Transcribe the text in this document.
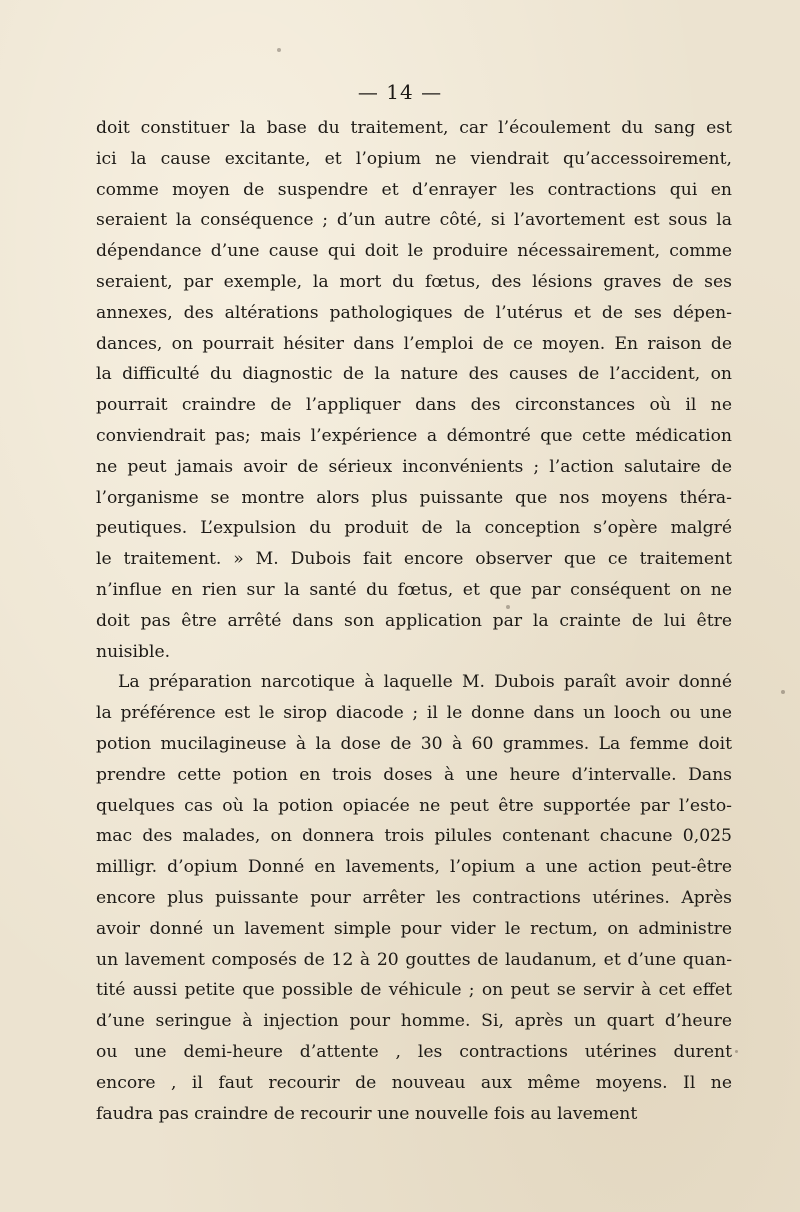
— 14 —

doit constituer la base du traitement, car l’écoulement du sang est
ici la cause excitante, et l’opium ne viendrait qu’accessoirement,
comme moyen de suspendre et d’enrayer les contractions qui en
seraient la conséquence ; d’un autre côté, si l’avortement est sous la
dépendance d’une cause qui doit le produire nécessairement, comme
seraient, par exemple, la mort du fœtus, des lésions graves de ses
annexes, des altérations pathologiques de l’utérus et de ses dépen-
dances, on pourrait hésiter dans l’emploi de ce moyen. En raison de
la difficulté du diagnostic de la nature des causes de l’accident, on
pourrait craindre de l’appliquer dans des circonstances où il ne
conviendrait pas; mais l’expérience a démontré que cette médication
ne peut jamais avoir de sérieux inconvénients ; l’action salutaire de
l’organisme se montre alors plus puissante que nos moyens théra-
peutiques. L’expulsion du produit de la conception s’opère malgré
le traitement. » M. Dubois fait encore observer que ce traitement
n’influe en rien sur la santé du fœtus, et que par conséquent on ne
doit pas être arrêté dans son application par la crainte de lui être
nuisible.

La préparation narcotique à laquelle M. Dubois paraît avoir donné
la préférence est le sirop diacode ; il le donne dans un looch ou une
potion mucilagineuse à la dose de 30 à 60 grammes. La femme doit
prendre cette potion en trois doses à une heure d’intervalle. Dans
quelques cas où la potion opiacée ne peut être supportée par l’esto-
mac des malades, on donnera trois pilules contenant chacune 0,025
milligr. d’opium Donné en lavements, l’opium a une action peut-être
encore plus puissante pour arrêter les contractions utérines. Après
avoir donné un lavement simple pour vider le rectum, on administre
un lavement composés de 12 à 20 gouttes de laudanum, et d’une quan-
tité aussi petite que possible de véhicule ; on peut se servir à cet effet
d’une seringue à injection pour homme. Si, après un quart d’heure
ou une demi-heure d’attente , les contractions utérines durent
encore , il faut recourir de nouveau aux même moyens. Il ne
faudra pas craindre de recourir une nouvelle fois au lavement
